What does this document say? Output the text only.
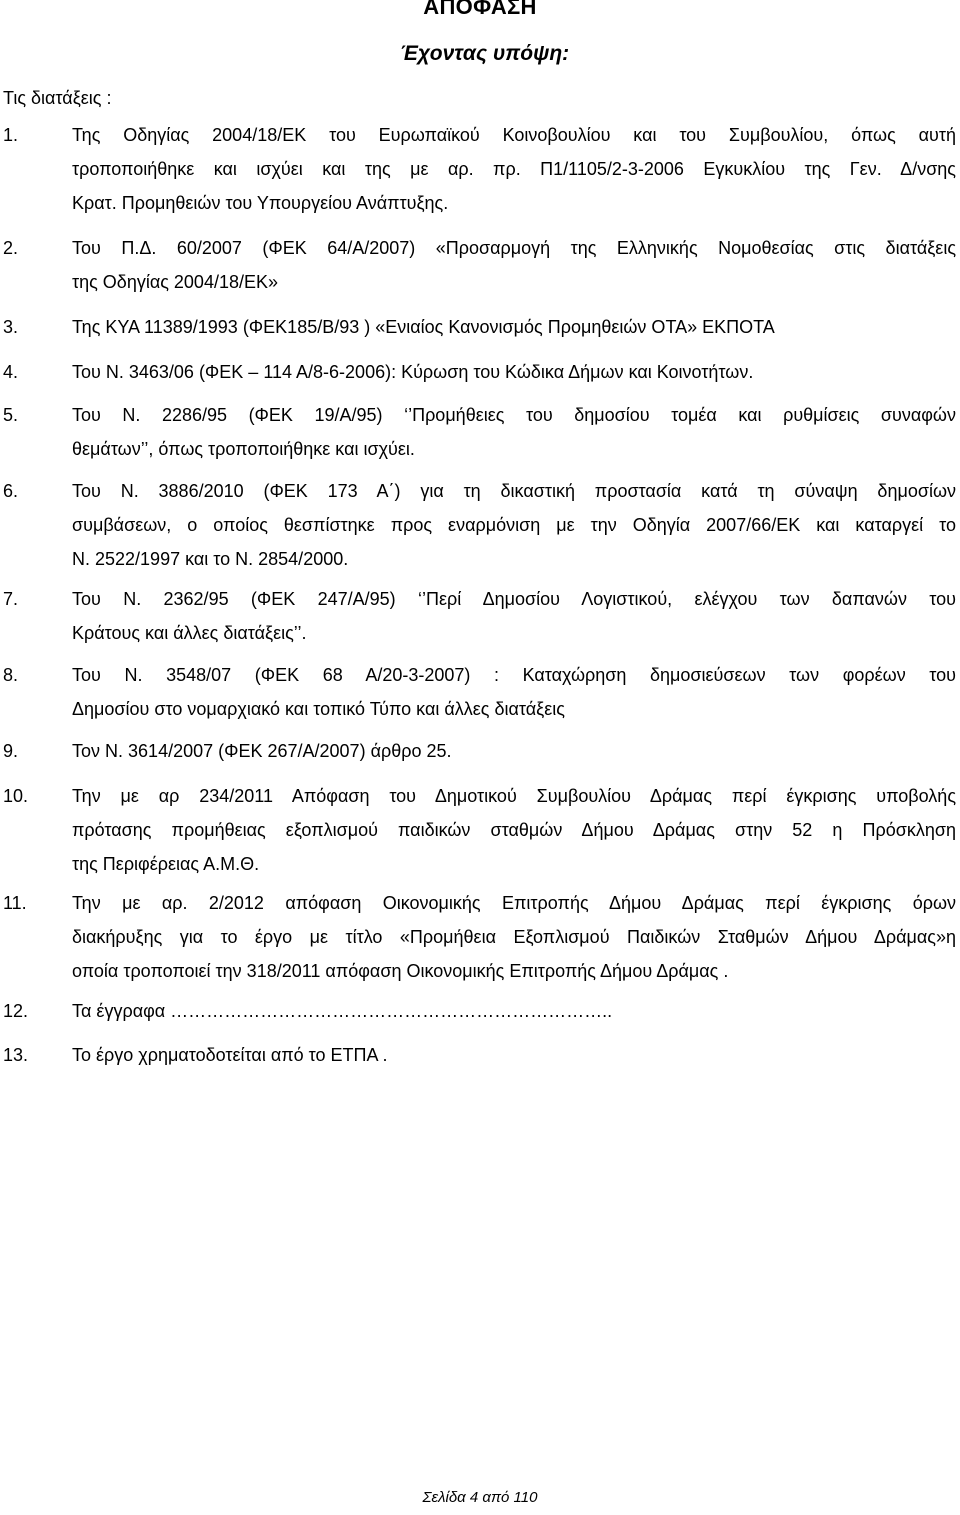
ΑΠΟΦΑΣΗ
Έχοντας υπόψη:
Τις διατάξεις :
1.	Της Οδηγίας 2004/18/ΕΚ του Ευρωπαϊκού Κοινοβουλίου και του Συμβουλίου, όπως αυτή
τροποποιήθηκε και ισχύει και της με αρ. πρ. Π1/1105/2-3-2006 Εγκυκλίου της Γεν. Δ/νσης
Κρατ. Προμηθειών του Υπουργείου Ανάπτυξης.
2.	Του Π.Δ. 60/2007 (ΦΕΚ 64/Α/2007) «Προσαρμογή της Ελληνικής Νομοθεσίας στις διατάξεις
της Οδηγίας 2004/18/ΕΚ»
3.	Της ΚΥΑ 11389/1993 (ΦΕΚ185/Β/93 ) «Ενιαίος Κανονισμός Προμηθειών ΟΤΑ» ΕΚΠΟΤΑ
4.	Του Ν. 3463/06 (ΦΕΚ – 114 Α/8-6-2006): Κύρωση του Κώδικα Δήμων και Κοινοτήτων.
5.	Του Ν. 2286/95 (ΦΕΚ 19/Α/95) ‘’Προμήθειες του δημοσίου τομέα και ρυθμίσεις συναφών
θεμάτων’’, όπως τροποποιήθηκε και ισχύει.
6.	Του Ν. 3886/2010 (ΦΕΚ 173 Α΄) για τη δικαστική προστασία κατά τη σύναψη δημοσίων
συμβάσεων, ο οποίος θεσπίστηκε προς εναρμόνιση με την Οδηγία 2007/66/ΕΚ και καταργεί το
Ν. 2522/1997 και το Ν. 2854/2000.
7.	Του Ν. 2362/95 (ΦΕΚ 247/Α/95) ‘’Περί Δημοσίου Λογιστικού, ελέγχου των δαπανών του
Κράτους και άλλες διατάξεις’’.
8.	Του Ν. 3548/07 (ΦΕΚ 68 Α/20-3-2007) : Καταχώρηση δημοσιεύσεων των φορέων του
Δημοσίου στο νομαρχιακό και τοπικό Τύπο και άλλες διατάξεις
9.	Τον Ν. 3614/2007 (ΦΕΚ 267/Α/2007) άρθρο 25.
10. Την με αρ 234/2011 Απόφαση του Δημοτικού Συμβουλίου Δράμας περί έγκρισης υποβολής
πρότασης προμήθειας εξοπλισμού παιδικών σταθμών Δήμου Δράμας στην 52 η Πρόσκληση
της Περιφέρειας Α.Μ.Θ.
11.	Την με αρ. 2/2012 απόφαση Οικονομικής Επιτροπής Δήμου Δράμας περί έγκρισης όρων
διακήρυξης για το έργο με τίτλο «Προμήθεια Εξοπλισμού Παιδικών Σταθμών Δήμου Δράμας»η
οποία τροποποιεί την 318/2011 απόφαση Οικονομικής Επιτροπής Δήμου Δράμας .
12. Τα έγγραφα ………………………………………………………………..
13. Το έργο χρηματοδοτείται από το ΕΤΠΑ .
Σελίδα 4 από 110
